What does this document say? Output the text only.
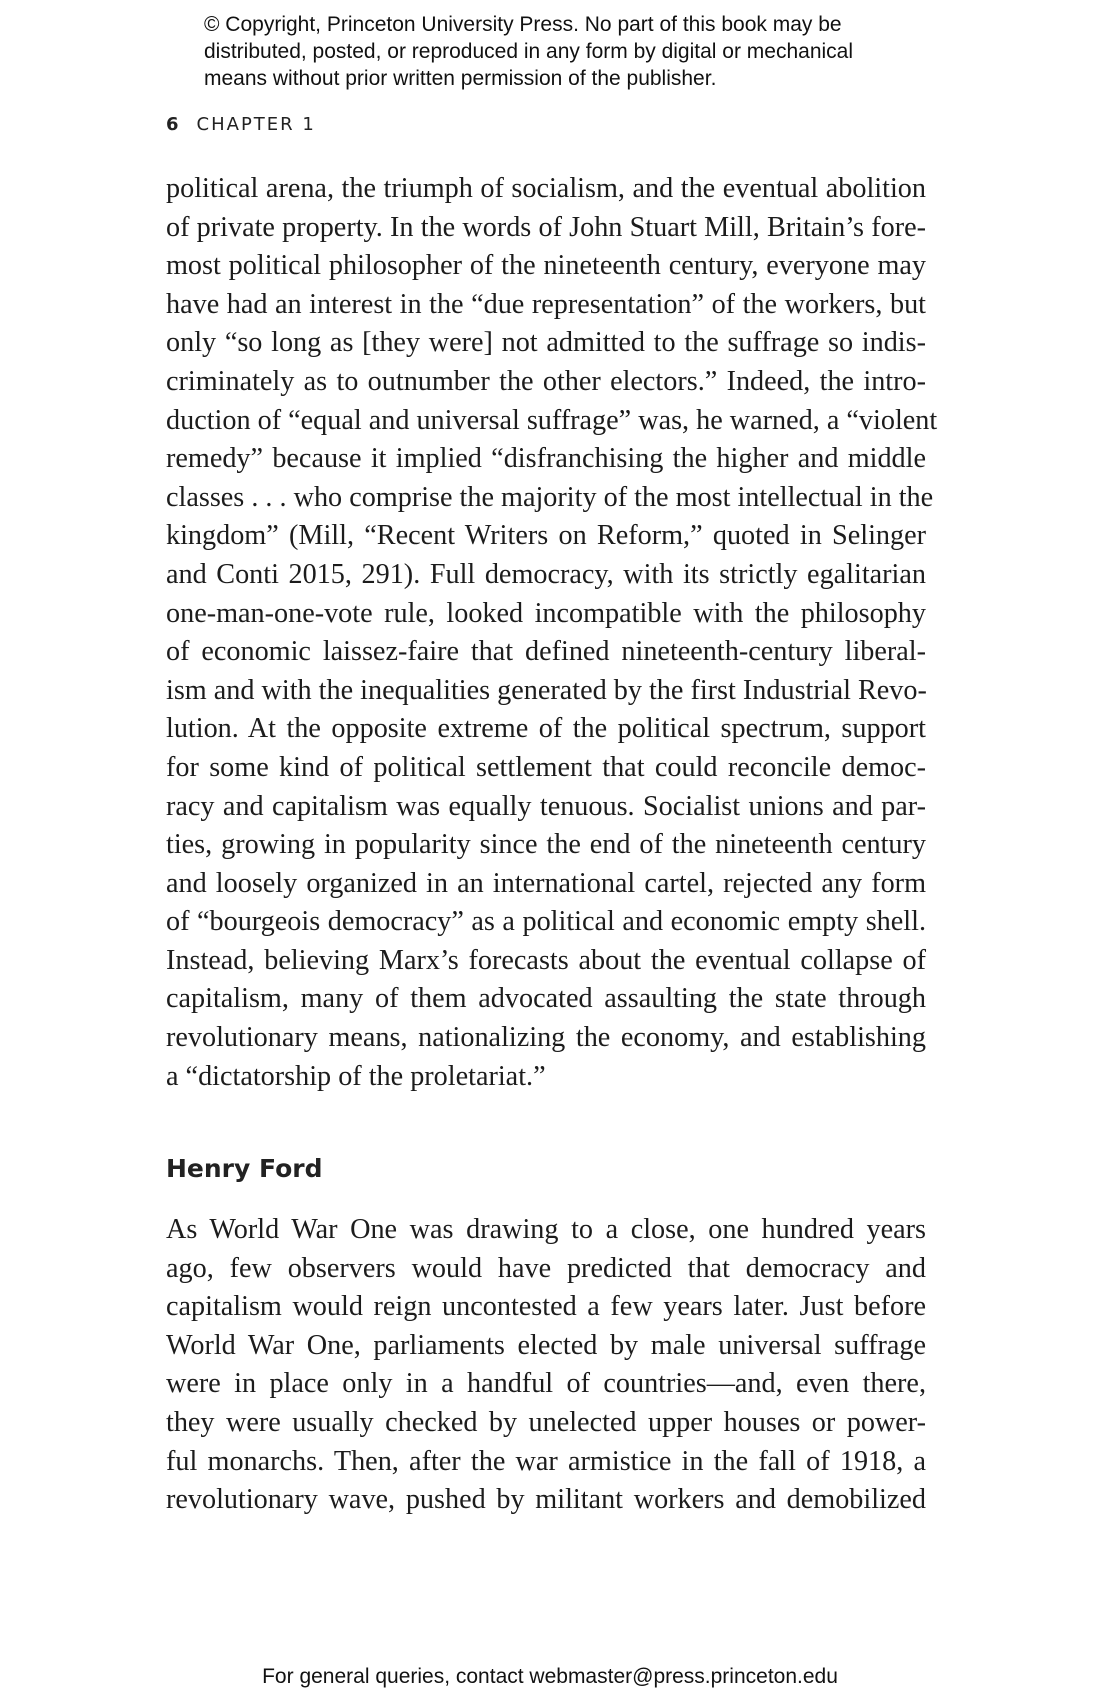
© Copyright, Princeton University Press. No part of this book may be
distributed, posted, or reproduced in any form by digital or mechanical
means without prior written permission of the publisher.
6 CHAPTER 1
political arena, the triumph of socialism, and the eventual abolition
of private property. In the words of John Stuart Mill, Britain’s fore-
most political philosopher of the nineteenth century, everyone may
have had an interest in the “due representation” of the workers, but
only “so long as [they were] not admitted to the suffrage so indis-
criminately as to outnumber the other electors.” Indeed, the intro-
duction of “equal and universal suffrage” was, he warned, a “violent
remedy” because it implied “disfranchising the higher and middle
classes . . . who comprise the majority of the most intellectual in the
kingdom” (Mill, “Recent Writers on Reform,” quoted in Selinger
and Conti 2015, 291). Full democracy, with its strictly egalitarian
one-man-one-vote rule, looked incompatible with the philosophy
of economic laissez-faire that defined nineteenth-century liberal-
ism and with the inequalities generated by the first Industrial Revo-
lution. At the opposite extreme of the political spectrum, support
for some kind of political settlement that could reconcile democ-
racy and capitalism was equally tenuous. Socialist unions and par-
ties, growing in popularity since the end of the nineteenth century
and loosely organized in an international cartel, rejected any form
of “bourgeois democracy” as a political and economic empty shell.
Instead, believing Marx’s forecasts about the eventual collapse of
capitalism, many of them advocated assaulting the state through
revolutionary means, nationalizing the economy, and establishing
a “dictatorship of the proletariat.”
Henry Ford
As World War One was drawing to a close, one hundred years
ago, few observers would have predicted that democracy and
capitalism would reign uncontested a few years later. Just before
World War One, parliaments elected by male universal suffrage
were in place only in a handful of countries—and, even there,
they were usually checked by unelected upper houses or power-
ful monarchs. Then, after the war armistice in the fall of 1918, a
revolutionary wave, pushed by militant workers and demobilized
For general queries, contact webmaster@press.princeton.edu
